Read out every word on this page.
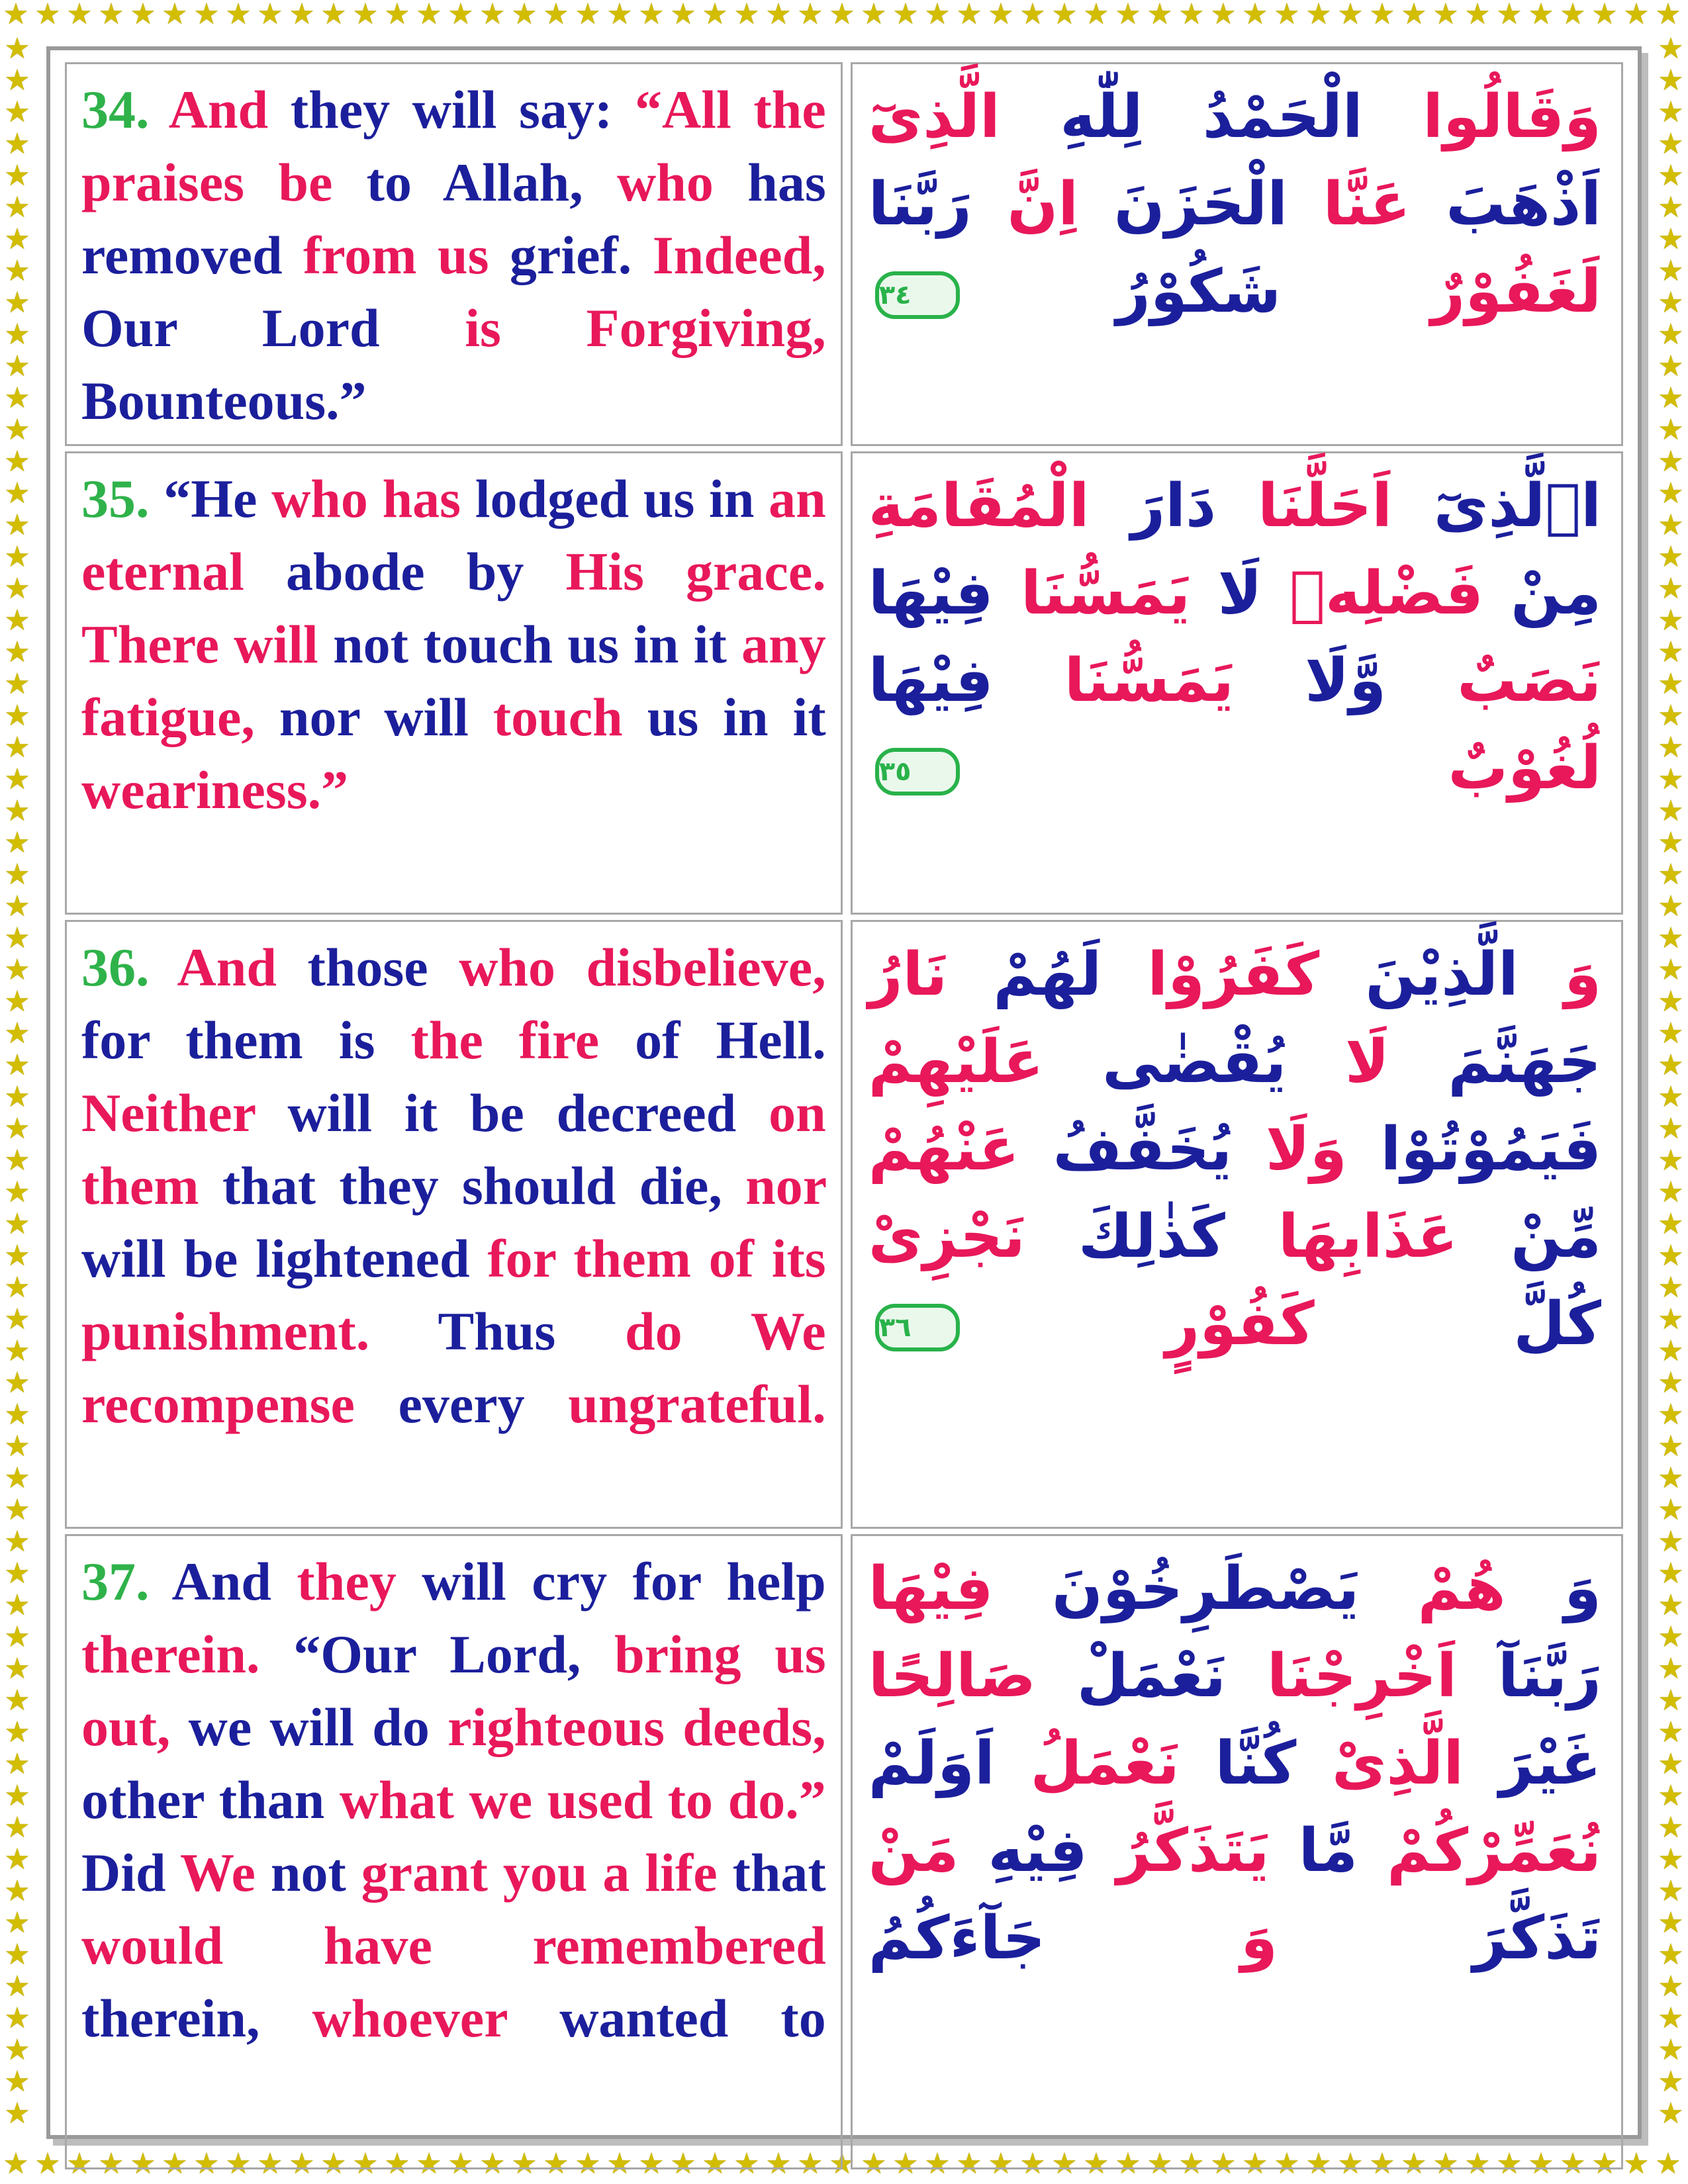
★ ★ ★ ★ ★ ★ ★ ★ ★ ★ ★ ★ ★ ★ ★ ★ ★ ★ ★ ★ ★ ★ ★ ★ ★ ★ ★ ★ ★ ★ ★ ★ ★ ★ ★ ★ ★ ★ ★ ★ ★ ★ ★ ★ ★ ★ ★ ★ ★ ★ ★ ★ ★
★ ★ ★ ★ ★ ★ ★ ★ ★ ★ ★ ★ ★ ★ ★ ★ ★ ★ ★ ★ ★ ★ ★ ★ ★ ★ ★ ★ ★ ★ ★ ★ ★ ★ ★ ★ ★ ★ ★ ★ ★ ★ ★ ★ ★ ★ ★ ★ ★ ★ ★ ★ ★
★
★
★
★
★
★
★
★
★
★
★
★
★
★
★
★
★
★
★
★
★
★
★
★
★
★
★
★
★
★
★
★
★
★
★
★
★
★
★
★
★
★
★
★
★
★
★
★
★
★
★
★
★
★
★
★
★
★
★
★
★
★
★
★
★
★
★
★
★
★
★
★
★
★
★
★
★
★
★
★
★
★
★
★
★
★
★
★
★
★
★
★
★
★
★
★
★
★
★
★
★
★
★
★
★
★
★
★
★
★
★
★
★
★
★
★
★
★
★
★
★
★
★
★
★
★
★
★
★
★
★
★
34. And they will say: “All the praises be to Allah, who has removed from us grief. Indeed, Our Lord is Forgiving, Bounteous.”	وَقَالُوا الْحَمْدُ لِلّٰهِ الَّذِىٓ اَذْهَبَ عَنَّا الْحَزَنَ اِنَّ رَبَّنَا لَغَفُوْرٌ شَكُوْرُ ٣٤
35. “He who has lodged us in an eternal abode by His grace. There will not touch us in it any fatigue, nor will touch us in it weariness.”	اۨلَّذِىٓ اَحَلَّنَا دَارَ الْمُقَامَةِ مِنْ فَضْلِهٖ لَا يَمَسُّنَا فِيْهَا نَصَبٌ وَّلَا يَمَسُّنَا فِيْهَا لُغُوْبٌ ٣٥
36. And those who disbelieve, for them is the fire of Hell. Neither will it be decreed on them that they should die, nor will be lightened for them of its punishment. Thus do We recompense every ungrateful.	وَ الَّذِيْنَ كَفَرُوْا لَهُمْ نَارُ جَهَنَّمَ لَا يُقْضٰى عَلَيْهِمْ فَيَمُوْتُوْا وَلَا يُخَفَّفُ عَنْهُمْ مِّنْ عَذَابِهَا كَذٰلِكَ نَجْزِىْ كُلَّ كَفُوْرٍ ٣٦
37. And they will cry for help therein. “Our Lord, bring us out, we will do righteous deeds, other than what we used to do.” Did We not grant you a life that would have remembered therein, whoever wanted to	وَ هُمْ يَصْطَرِخُوْنَ فِيْهَا رَبَّنَآ اَخْرِجْنَا نَعْمَلْ صَالِحًا غَيْرَ الَّذِىْ كُنَّا نَعْمَلُ اَوَلَمْ نُعَمِّرْكُمْ مَّا يَتَذَكَّرُ فِيْهِ مَنْ تَذَكَّرَ وَ جَآءَكُمُ
